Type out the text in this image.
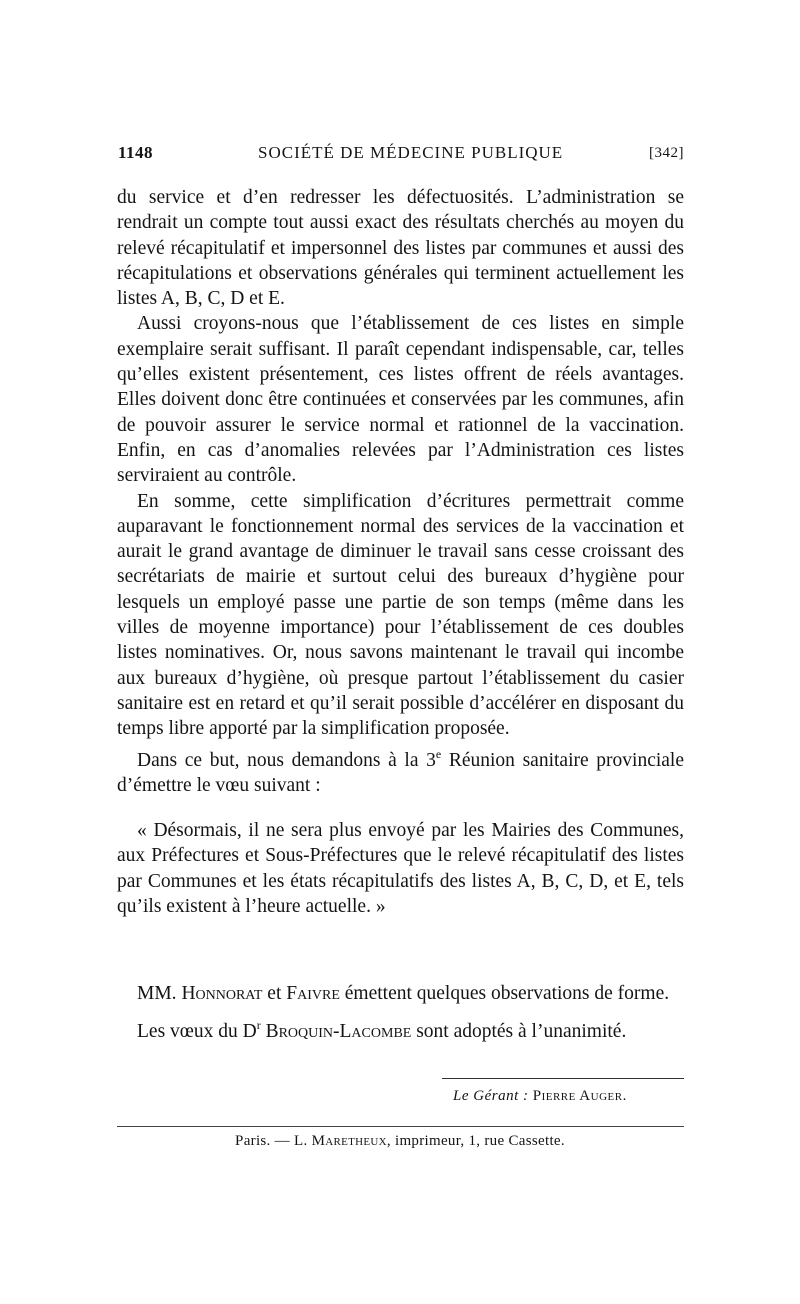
1148	SOCIÉTÉ DE MÉDECINE PUBLIQUE	[342]

du service et d’en redresser les défectuosités. L’administration se rendrait un compte tout aussi exact des résultats cherchés au moyen du relevé récapitulatif et impersonnel des listes par communes et aussi des récapitulations et observations générales qui terminent actuellement les listes A, B, C, D et E.

Aussi croyons-nous que l’établissement de ces listes en simple exemplaire serait suffisant. Il paraît cependant indispensable, car, telles qu’elles existent présentement, ces listes offrent de réels avantages. Elles doivent donc être continuées et conservées par les communes, afin de pouvoir assurer le service normal et rationnel de la vaccination. Enfin, en cas d’anomalies relevées par l’Administration ces listes serviraient au contrôle.

En somme, cette simplification d’écritures permettrait comme auparavant le fonctionnement normal des services de la vaccination et aurait le grand avantage de diminuer le travail sans cesse croissant des secrétariats de mairie et surtout celui des bureaux d’hygiène pour lesquels un employé passe une partie de son temps (même dans les villes de moyenne importance) pour l’établissement de ces doubles listes nominatives. Or, nous savons maintenant le travail qui incombe aux bureaux d’hygiène, où presque partout l’établissement du casier sanitaire est en retard et qu’il serait possible d’accélérer en disposant du temps libre apporté par la simplification proposée.

Dans ce but, nous demandons à la 3e Réunion sanitaire provinciale d’émettre le vœu suivant :

« Désormais, il ne sera plus envoyé par les Mairies des Communes, aux Préfectures et Sous-Préfectures que le relevé récapitulatif des listes par Communes et les états récapitulatifs des listes A, B, C, D, et E, tels qu’ils existent à l’heure actuelle. »

MM. Honnorat et Faivre émettent quelques observations de forme.
Les vœux du $D^r$ Broquin-Lacombe sont adoptés à l’unanimité.
Le Gérant : Pierre Auger.
Paris. — L. Maretheux, imprimeur, 1, rue Cassette.
